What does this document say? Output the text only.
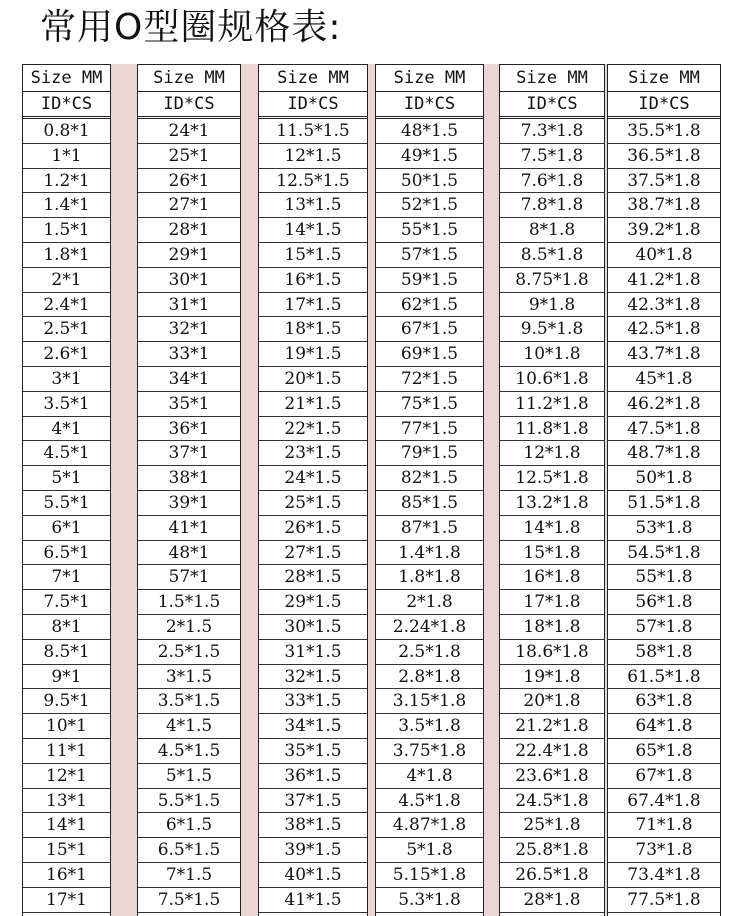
常用O型圈规格表:
Size MM
ID*CS
0.8*1
1*1
1.2*1
1.4*1
1.5*1
1.8*1
2*1
2.4*1
2.5*1
2.6*1
3*1
3.5*1
4*1
4.5*1
5*1
5.5*1
6*1
6.5*1
7*1
7.5*1
8*1
8.5*1
9*1
9.5*1
10*1
11*1
12*1
13*1
14*1
15*1
16*1
17*1
Size MM
ID*CS
24*1
25*1
26*1
27*1
28*1
29*1
30*1
31*1
32*1
33*1
34*1
35*1
36*1
37*1
38*1
39*1
41*1
48*1
57*1
1.5*1.5
2*1.5
2.5*1.5
3*1.5
3.5*1.5
4*1.5
4.5*1.5
5*1.5
5.5*1.5
6*1.5
6.5*1.5
7*1.5
7.5*1.5
Size MM
ID*CS
11.5*1.5
12*1.5
12.5*1.5
13*1.5
14*1.5
15*1.5
16*1.5
17*1.5
18*1.5
19*1.5
20*1.5
21*1.5
22*1.5
23*1.5
24*1.5
25*1.5
26*1.5
27*1.5
28*1.5
29*1.5
30*1.5
31*1.5
32*1.5
33*1.5
34*1.5
35*1.5
36*1.5
37*1.5
38*1.5
39*1.5
40*1.5
41*1.5
Size MM
ID*CS
48*1.5
49*1.5
50*1.5
52*1.5
55*1.5
57*1.5
59*1.5
62*1.5
67*1.5
69*1.5
72*1.5
75*1.5
77*1.5
79*1.5
82*1.5
85*1.5
87*1.5
1.4*1.8
1.8*1.8
2*1.8
2.24*1.8
2.5*1.8
2.8*1.8
3.15*1.8
3.5*1.8
3.75*1.8
4*1.8
4.5*1.8
4.87*1.8
5*1.8
5.15*1.8
5.3*1.8
Size MM
ID*CS
7.3*1.8
7.5*1.8
7.6*1.8
7.8*1.8
8*1.8
8.5*1.8
8.75*1.8
9*1.8
9.5*1.8
10*1.8
10.6*1.8
11.2*1.8
11.8*1.8
12*1.8
12.5*1.8
13.2*1.8
14*1.8
15*1.8
16*1.8
17*1.8
18*1.8
18.6*1.8
19*1.8
20*1.8
21.2*1.8
22.4*1.8
23.6*1.8
24.5*1.8
25*1.8
25.8*1.8
26.5*1.8
28*1.8
Size MM
ID*CS
35.5*1.8
36.5*1.8
37.5*1.8
38.7*1.8
39.2*1.8
40*1.8
41.2*1.8
42.3*1.8
42.5*1.8
43.7*1.8
45*1.8
46.2*1.8
47.5*1.8
48.7*1.8
50*1.8
51.5*1.8
53*1.8
54.5*1.8
55*1.8
56*1.8
57*1.8
58*1.8
61.5*1.8
63*1.8
64*1.8
65*1.8
67*1.8
67.4*1.8
71*1.8
73*1.8
73.4*1.8
77.5*1.8
